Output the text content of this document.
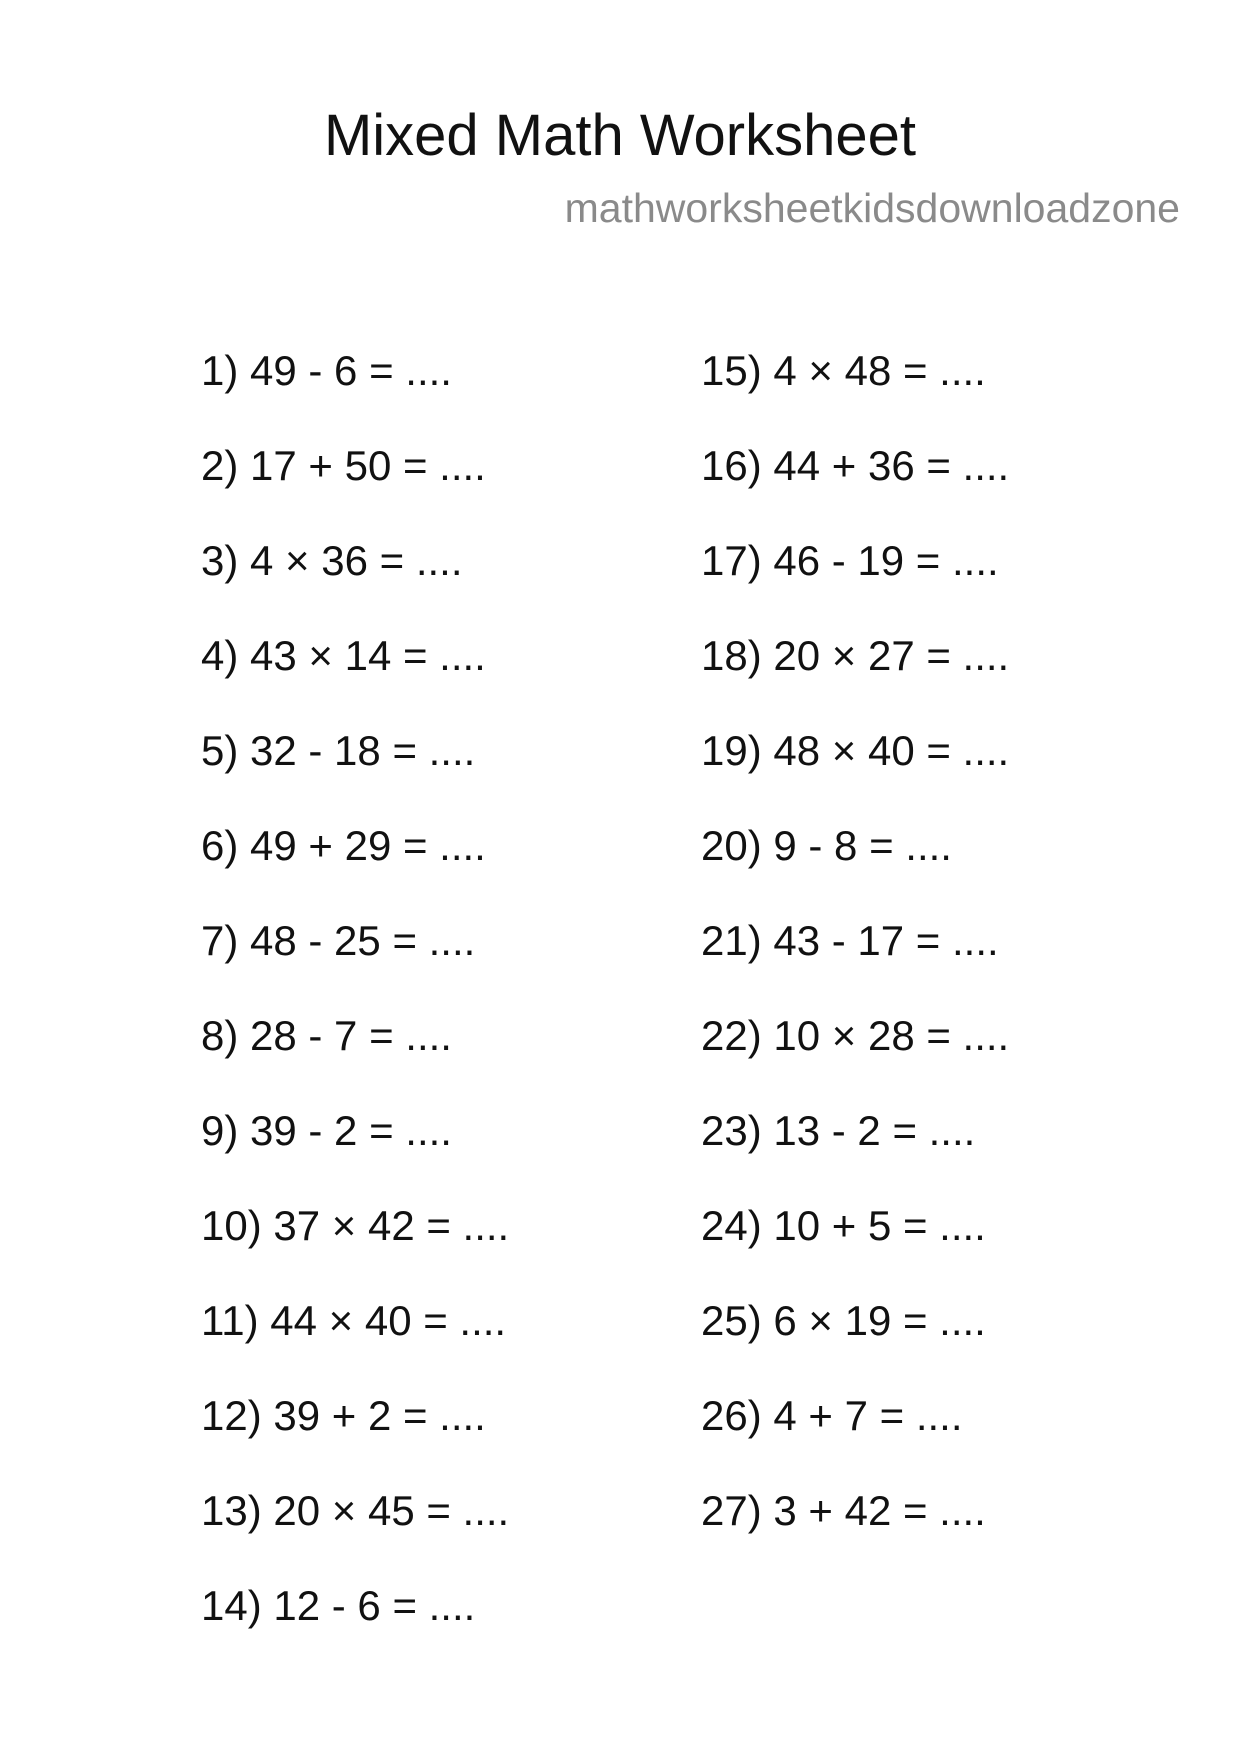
Mixed Math Worksheet
mathworksheetkidsdownloadzone
1) 49 - 6 = ....
2) 17 + 50 = ....
3) 4 × 36 = ....
4) 43 × 14 = ....
5) 32 - 18 = ....
6) 49 + 29 = ....
7) 48 - 25 = ....
8) 28 - 7 = ....
9) 39 - 2 = ....
10) 37 × 42 = ....
11) 44 × 40 = ....
12) 39 + 2 = ....
13) 20 × 45 = ....
14) 12 - 6 = ....
15) 4 × 48 = ....
16) 44 + 36 = ....
17) 46 - 19 = ....
18) 20 × 27 = ....
19) 48 × 40 = ....
20) 9 - 8 = ....
21) 43 - 17 = ....
22) 10 × 28 = ....
23) 13 - 2 = ....
24) 10 + 5 = ....
25) 6 × 19 = ....
26) 4 + 7 = ....
27) 3 + 42 = ....
